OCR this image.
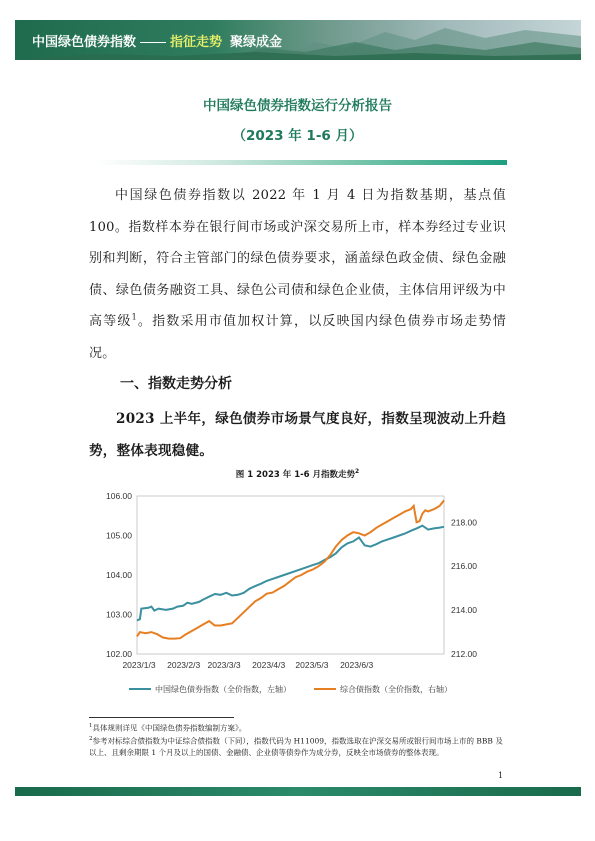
中国绿色债券指数	指征走势 聚绿成金
中国绿色债券指数运行分析报告
（2023 年 1-6 月）
中国绿色债券指数以 2022 年 1 月 4 日为指数基期，基点值100。指数样本券在银行间市场或沪深交易所上市，样本券经过专业识别和判断，符合主管部门的绿色债券要求，涵盖绿色政金债、绿色金融债、绿色债务融资工具、绿色公司债和绿色企业债，主体信用评级为中高等级$^1$。指数采用市值加权计算，以反映国内绿色债券市场走势情况。
一、指数走势分析
2023 上半年，绿色债券市场景气度良好，指数呈现波动上升趋势，整体表现稳健。
图 1 2023 年 1-6 月指数走势$^2$
102.00
103.00
104.00
105.00
106.00
212.00
214.00
216.00
218.00
2023/1/3 2023/2/3 2023/3/3 2023/4/3 2023/5/3 2023/6/3
中国绿色债券指数（全价指数，左轴）	综合债指数（全价指数，右轴）
$^1$具体规则详见《中国绿色债券指数编制方案》。
$^2$参考对标综合债指数为中证综合债指数（下同），指数代码为 H11009，指数选取在沪深交易所或银行间市场上市的 BBB 及以上、且剩余期限 1 个月及以上的国债、金融债、企业债等债券作为成分券，反映全市场债券的整体表现。
1
